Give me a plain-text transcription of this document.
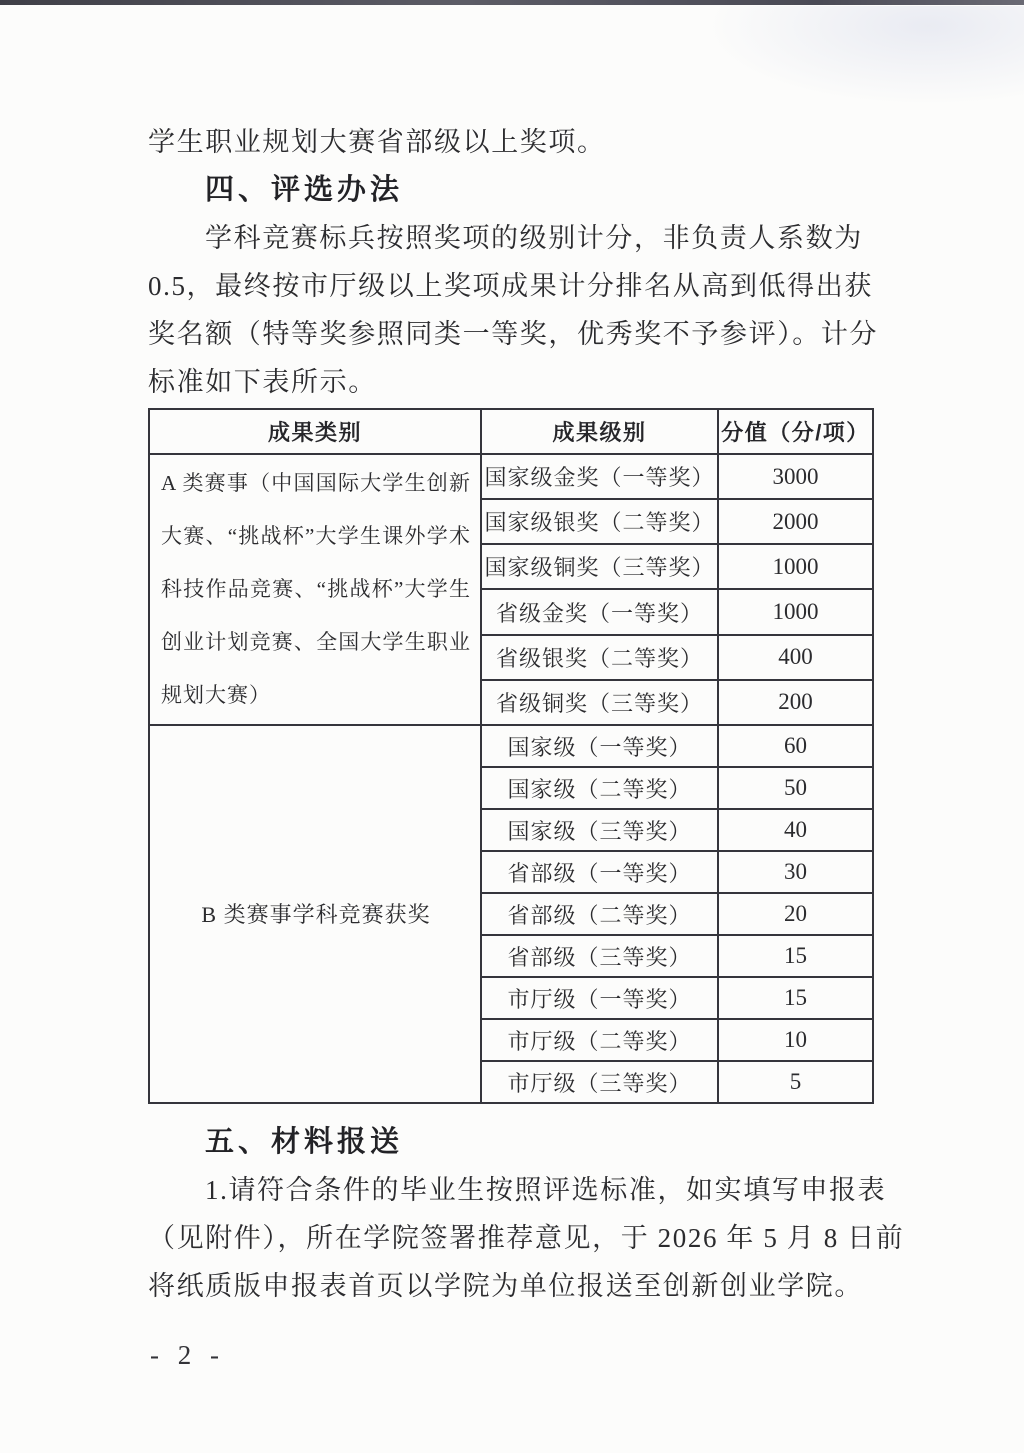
学生职业规划大赛省部级以上奖项。
四、评选办法
学科竞赛标兵按照奖项的级别计分，非负责人系数为
0.5，最终按市厅级以上奖项成果计分排名从高到低得出获
奖名额（特等奖参照同类一等奖，优秀奖不予参评）。计分
标准如下表所示。
成果类别	成果级别	分值（分/项）
A 类赛事（中国国际大学生创新大赛、“挑战杯”大学生课外学术科技作品竞赛、“挑战杯”大学生创业计划竞赛、全国大学生职业规划大赛）	国家级金奖（一等奖）	3000
	国家级银奖（二等奖）	2000
	国家级铜奖（三等奖）	1000
	省级金奖（一等奖）	1000
	省级银奖（二等奖）	400
	省级铜奖（三等奖）	200
B 类赛事学科竞赛获奖	国家级（一等奖）	60
	国家级（二等奖）	50
	国家级（三等奖）	40
	省部级（一等奖）	30
	省部级（二等奖）	20
	省部级（三等奖）	15
	市厅级（一等奖）	15
	市厅级（二等奖）	10
	市厅级（三等奖）	5
五、材料报送
1.请符合条件的毕业生按照评选标准，如实填写申报表
（见附件），所在学院签署推荐意见，于 2026 年 5 月 8 日前
将纸质版申报表首页以学院为单位报送至创新创业学院。
- 2 -
